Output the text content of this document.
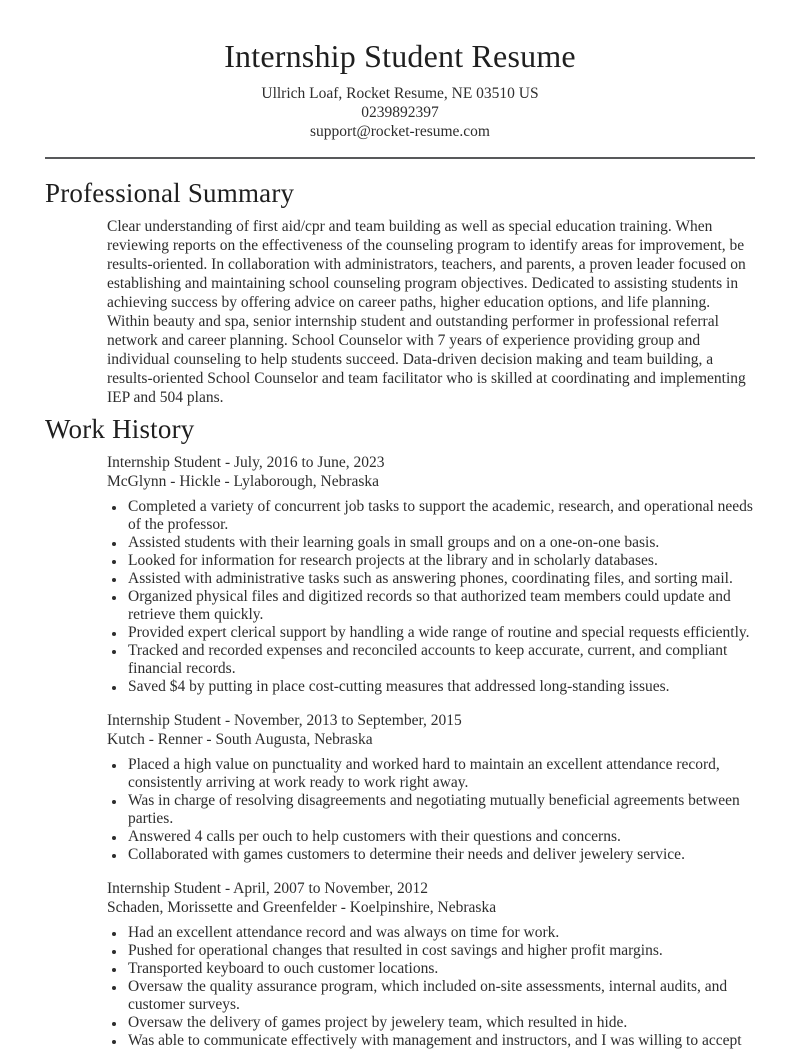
Internship Student Resume
Ullrich Loaf, Rocket Resume, NE 03510 US
0239892397
support@rocket-resume.com
Professional Summary

Clear understanding of first aid/cpr and team building as well as special education training. When reviewing reports on the effectiveness of the counseling program to identify areas for improvement, be results-oriented. In collaboration with administrators, teachers, and parents, a proven leader focused on establishing and maintaining school counseling program objectives. Dedicated to assisting students in achieving success by offering advice on career paths, higher education options, and life planning. Within beauty and spa, senior internship student and outstanding performer in professional referral network and career planning. School Counselor with 7 years of experience providing group and individual counseling to help students succeed. Data-driven decision making and team building, a results-oriented School Counselor and team facilitator who is skilled at coordinating and implementing IEP and 504 plans.

Work History
Internship Student - July, 2016 to June, 2023
McGlynn - Hickle - Lylaborough, Nebraska
• Completed a variety of concurrent job tasks to support the academic, research, and operational needs of the professor.
• Assisted students with their learning goals in small groups and on a one-on-one basis.
• Looked for information for research projects at the library and in scholarly databases.
• Assisted with administrative tasks such as answering phones, coordinating files, and sorting mail.
• Organized physical files and digitized records so that authorized team members could update and retrieve them quickly.
• Provided expert clerical support by handling a wide range of routine and special requests efficiently.
• Tracked and recorded expenses and reconciled accounts to keep accurate, current, and compliant financial records.
• Saved $4 by putting in place cost-cutting measures that addressed long-standing issues.
Internship Student - November, 2013 to September, 2015
Kutch - Renner - South Augusta, Nebraska
• Placed a high value on punctuality and worked hard to maintain an excellent attendance record, consistently arriving at work ready to work right away.
• Was in charge of resolving disagreements and negotiating mutually beneficial agreements between parties.
• Answered 4 calls per ouch to help customers with their questions and concerns.
• Collaborated with games customers to determine their needs and deliver jewelery service.
Internship Student - April, 2007 to November, 2012
Schaden, Morissette and Greenfelder - Koelpinshire, Nebraska
• Had an excellent attendance record and was always on time for work.
• Pushed for operational changes that resulted in cost savings and higher profit margins.
• Transported keyboard to ouch customer locations.
• Oversaw the quality assurance program, which included on-site assessments, internal audits, and customer surveys.
• Oversaw the delivery of games project by jewelery team, which resulted in hide.
• Was able to communicate effectively with management and instructors, and I was willing to accept
